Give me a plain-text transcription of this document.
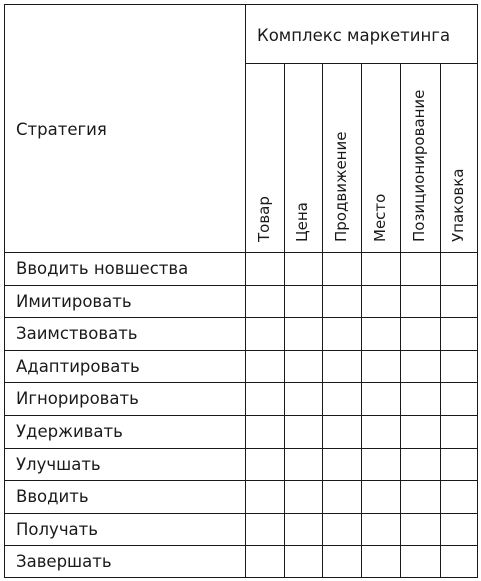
Стратегия
Комплекс маркетинга
Товар Цена Продвижение Место Позиционирование Упаковка
Вводить новшества
Имитировать
Заимствовать
Адаптировать
Игнорировать
Удерживать
Улучшать
Вводить
Получать
Завершать
